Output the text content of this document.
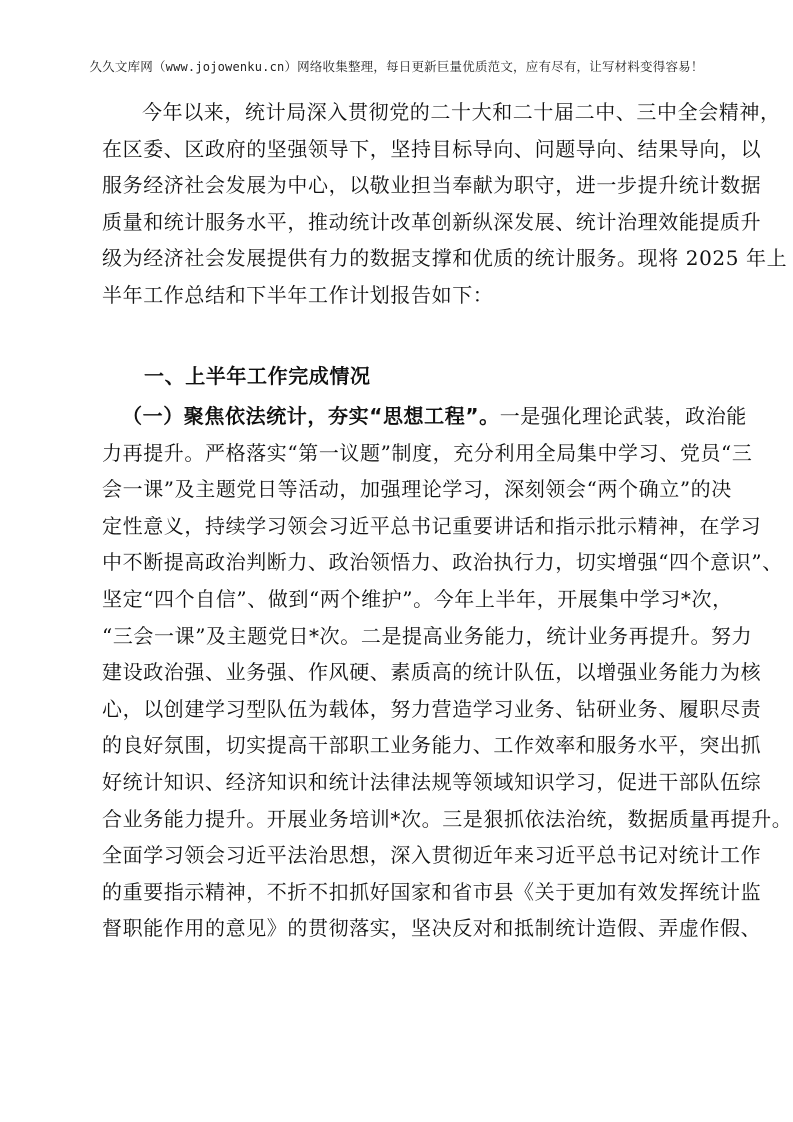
久久文库网（www.jojowenku.cn）网络收集整理，每日更新巨量优质范文，应有尽有，让写材料变得容易！
今年以来，统计局深入贯彻党的二十大和二十届二中、三中全会精神，
在区委、区政府的坚强领导下，坚持目标导向、问题导向、结果导向，以
服务经济社会发展为中心，以敬业担当奉献为职守，进一步提升统计数据
质量和统计服务水平，推动统计改革创新纵深发展、统计治理效能提质升
级为经济社会发展提供有力的数据支撑和优质的统计服务。现将 2025 年上
半年工作总结和下半年工作计划报告如下：
一、上半年工作完成情况
（一）聚焦依法统计，夯实“思想工程”。一是强化理论武装，政治能
力再提升。严格落实“第一议题”制度，充分利用全局集中学习、党员“三
会一课”及主题党日等活动，加强理论学习，深刻领会“两个确立”的决
定性意义，持续学习领会习近平总书记重要讲话和指示批示精神，在学习
中不断提高政治判断力、政治领悟力、政治执行力，切实增强“四个意识”、
坚定“四个自信”、做到“两个维护”。今年上半年，开展集中学习*次，
“三会一课”及主题党日*次。二是提高业务能力，统计业务再提升。努力
建设政治强、业务强、作风硬、素质高的统计队伍，以增强业务能力为核
心，以创建学习型队伍为载体，努力营造学习业务、钻研业务、履职尽责
的良好氛围，切实提高干部职工业务能力、工作效率和服务水平，突出抓
好统计知识、经济知识和统计法律法规等领域知识学习，促进干部队伍综
合业务能力提升。开展业务培训*次。三是狠抓依法治统，数据质量再提升。
全面学习领会习近平法治思想，深入贯彻近年来习近平总书记对统计工作
的重要指示精神，不折不扣抓好国家和省市县《关于更加有效发挥统计监
督职能作用的意见》的贯彻落实，坚决反对和抵制统计造假、弄虚作假、
